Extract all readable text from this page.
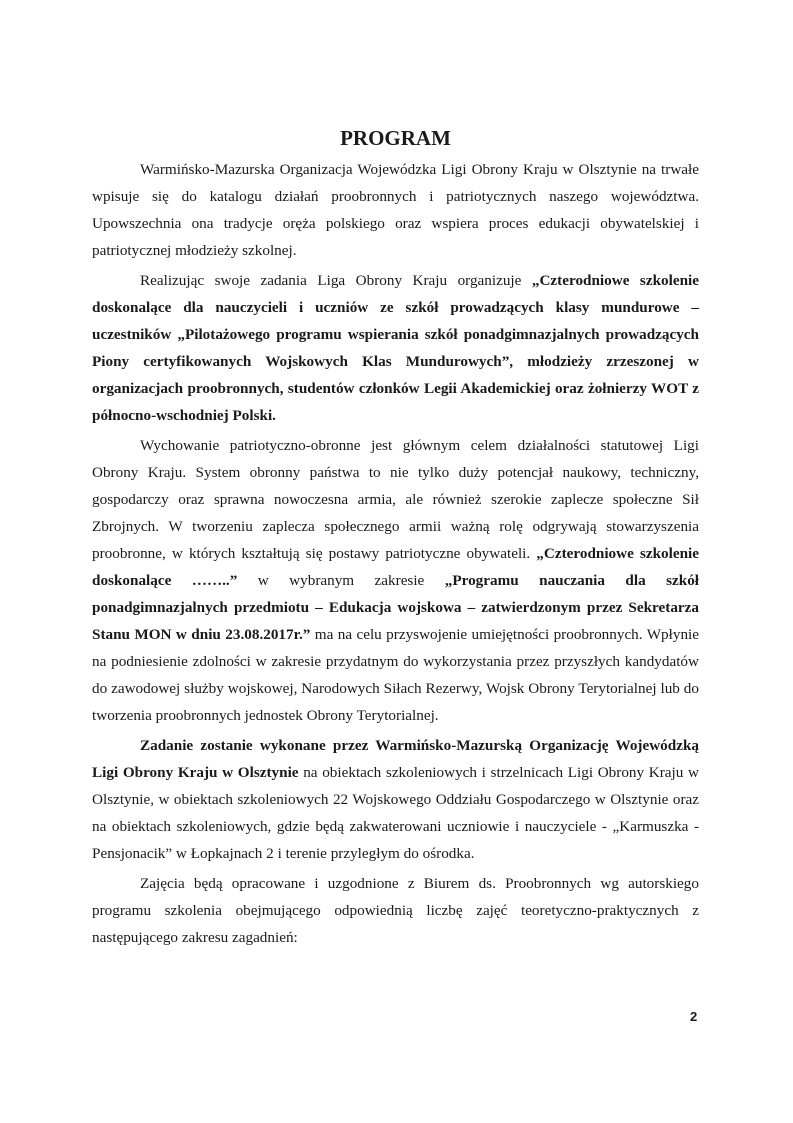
PROGRAM

Warmińsko-Mazurska Organizacja Wojewódzka Ligi Obrony Kraju w Olsztynie na trwałe wpisuje się do katalogu działań proobronnych i patriotycznych naszego województwa. Upowszechnia ona tradycje oręża polskiego oraz wspiera proces edukacji obywatelskiej i patriotycznej młodzieży szkolnej.

Realizując swoje zadania Liga Obrony Kraju organizuje „Czterodniowe szkolenie doskonalące dla nauczycieli i uczniów ze szkół prowadzących klasy mundurowe – uczestników „Pilotażowego programu wspierania szkół ponadgimnazjalnych prowadzących Piony certyfikowanych Wojskowych Klas Mundurowych”, młodzieży zrzeszonej w organizacjach proobronnych, studentów członków Legii Akademickiej oraz żołnierzy WOT z północno-wschodniej Polski.

Wychowanie patriotyczno-obronne jest głównym celem działalności statutowej Ligi Obrony Kraju. System obronny państwa to nie tylko duży potencjał naukowy, techniczny, gospodarczy oraz sprawna nowoczesna armia, ale również szerokie zaplecze społeczne Sił Zbrojnych. W tworzeniu zaplecza społecznego armii ważną rolę odgrywają stowarzyszenia proobronne, w których kształtują się postawy patriotyczne obywateli. „Czterodniowe szkolenie doskonalące ……..” w wybranym zakresie „Programu nauczania dla szkół ponadgimnazjalnych przedmiotu – Edukacja wojskowa – zatwierdzonym przez Sekretarza Stanu MON w dniu 23.08.2017r.” ma na celu przyswojenie umiejętności proobronnych. Wpłynie na podniesienie zdolności w zakresie przydatnym do wykorzystania przez przyszłych kandydatów do zawodowej służby wojskowej, Narodowych Siłach Rezerwy, Wojsk Obrony Terytorialnej lub do tworzenia proobronnych jednostek Obrony Terytorialnej.

Zadanie zostanie wykonane przez Warmińsko-Mazurską Organizację Wojewódzką Ligi Obrony Kraju w Olsztynie na obiektach szkoleniowych i strzelnicach Ligi Obrony Kraju w Olsztynie, w obiektach szkoleniowych 22 Wojskowego Oddziału Gospodarczego w Olsztynie oraz na obiektach szkoleniowych, gdzie będą zakwaterowani uczniowie i nauczyciele - „Karmuszka - Pensjonacik” w Łopkajnach 2 i terenie przyległym do ośrodka.

Zajęcia będą opracowane i uzgodnione z Biurem ds. Proobronnych wg autorskiego programu szkolenia obejmującego odpowiednią liczbę zajęć teoretyczno-praktycznych z następującego zakresu zagadnień:

2
